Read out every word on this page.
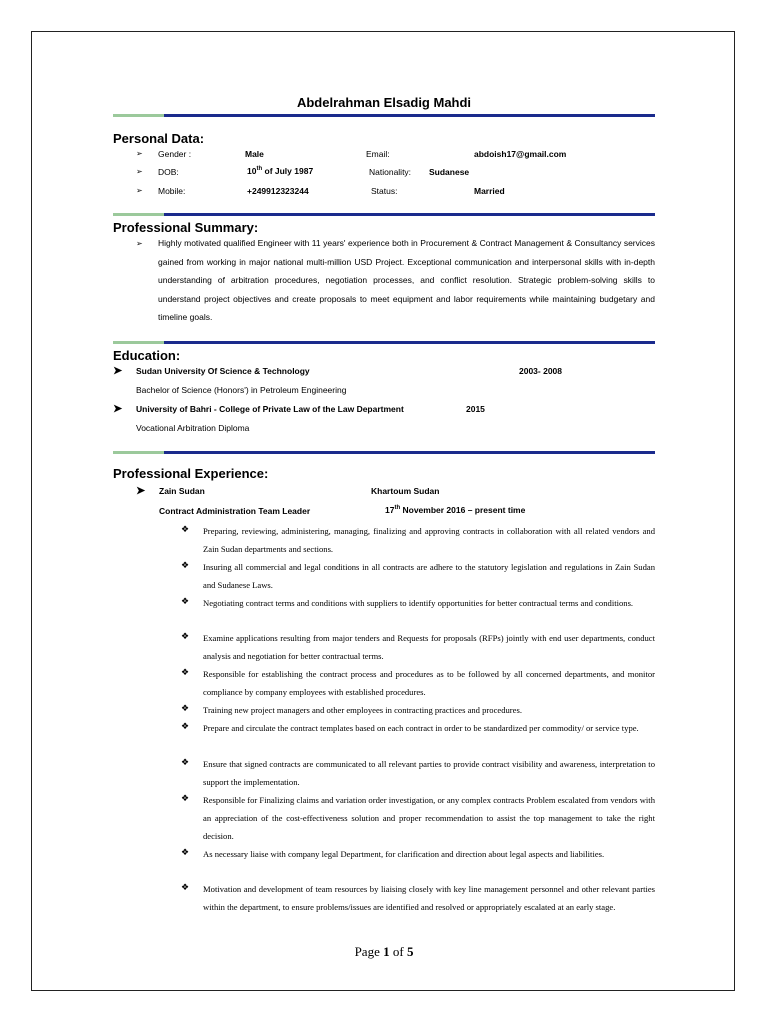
Abdelrahman Elsadig Mahdi
Personal Data:
➢ Gender :	Male	Email:	abdoish17@gmail.com
➢ DOB:	10th of July 1987	Nationality: Sudanese
➢ Mobile:	+249912323244	Status:	Married
Professional Summary:
➢ Highly motivated qualified Engineer with 11 years' experience both in Procurement & Contract Management & Consultancy services gained from working in major national multi-million USD Project. Exceptional communication and interpersonal skills with in-depth understanding of arbitration procedures, negotiation processes, and conflict resolution. Strategic problem-solving skills to understand project objectives and create proposals to meet equipment and labor requirements while maintaining budgetary and timeline goals.
Education:
➤ Sudan University Of Science & Technology	2003- 2008
Bachelor of Science (Honors') in Petroleum Engineering
➤ University of Bahri - College of Private Law of the Law Department	2015
Vocational Arbitration Diploma
Professional Experience:
➤ Zain Sudan	Khartoum Sudan
Contract Administration Team Leader	17th November 2016 – present time
❖ Preparing, reviewing, administering, managing, finalizing and approving contracts in collaboration with all related vendors and Zain Sudan departments and sections.
❖ Insuring all commercial and legal conditions in all contracts are adhere to the statutory legislation and regulations in Zain Sudan and Sudanese Laws.
❖ Negotiating contract terms and conditions with suppliers to identify opportunities for better contractual terms and conditions.
❖ Examine applications resulting from major tenders and Requests for proposals (RFPs) jointly with end user departments, conduct analysis and negotiation for better contractual terms.
❖ Responsible for establishing the contract process and procedures as to be followed by all concerned departments, and monitor compliance by company employees with established procedures.
❖ Training new project managers and other employees in contracting practices and procedures.
❖ Prepare and circulate the contract templates based on each contract in order to be standardized per commodity/ or service type.
❖ Ensure that signed contracts are communicated to all relevant parties to provide contract visibility and awareness, interpretation to support the implementation.
❖ Responsible for Finalizing claims and variation order investigation, or any complex contracts Problem escalated from vendors with an appreciation of the cost-effectiveness solution and proper recommendation to assist the top management to take the right decision.
❖ As necessary liaise with company legal Department, for clarification and direction about legal aspects and liabilities.
❖ Motivation and development of team resources by liaising closely with key line management personnel and other relevant parties within the department, to ensure problems/issues are identified and resolved or appropriately escalated at an early stage.
Page 1 of 5
